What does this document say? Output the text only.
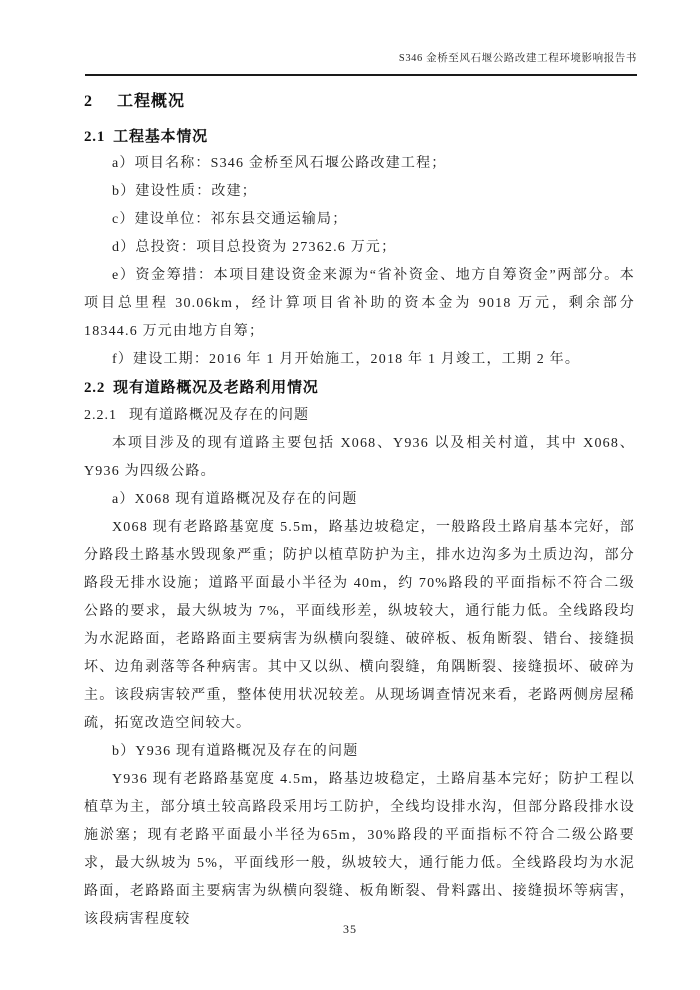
S346 金桥至风石堰公路改建工程环境影响报告书
2 工程概况
2.1 工程基本情况

a）项目名称：S346 金桥至风石堰公路改建工程；

b）建设性质：改建；

c）建设单位：祁东县交通运输局；

d）总投资：项目总投资为 27362.6 万元；

e）资金筹措：本项目建设资金来源为“省补资金、地方自筹资金”两部分。本项目总里程 30.06km，经计算项目省补助的资本金为 9018 万元，剩余部分 18344.6 万元由地方自筹；

f）建设工期：2016 年 1 月开始施工，2018 年 1 月竣工，工期 2 年。

2.2 现有道路概况及老路利用情况
2.2.1 现有道路概况及存在的问题

本项目涉及的现有道路主要包括 X068、Y936 以及相关村道，其中 X068、Y936 为四级公路。

a）X068 现有道路概况及存在的问题

X068 现有老路路基宽度 5.5m，路基边坡稳定，一般路段土路肩基本完好，部分路段土路基水毁现象严重；防护以植草防护为主，排水边沟多为土质边沟，部分路段无排水设施；道路平面最小半径为 40m，约 70%路段的平面指标不符合二级公路的要求，最大纵坡为 7%，平面线形差，纵坡较大，通行能力低。全线路段均为水泥路面，老路路面主要病害为纵横向裂缝、破碎板、板角断裂、错台、接缝损坏、边角剥落等各种病害。其中又以纵、横向裂缝，角隅断裂、接缝损坏、破碎为主。该段病害较严重，整体使用状况较差。从现场调查情况来看，老路两侧房屋稀疏，拓宽改造空间较大。

b）Y936 现有道路概况及存在的问题

Y936 现有老路路基宽度 4.5m，路基边坡稳定，土路肩基本完好；防护工程以植草为主，部分填土较高路段采用圬工防护，全线均设排水沟，但部分路段排水设施淤塞；现有老路平面最小半径为65m，30%路段的平面指标不符合二级公路要求，最大纵坡为 5%，平面线形一般，纵坡较大，通行能力低。全线路段均为水泥路面，老路路面主要病害为纵横向裂缝、板角断裂、骨料露出、接缝损坏等病害，该段病害程度较

35
